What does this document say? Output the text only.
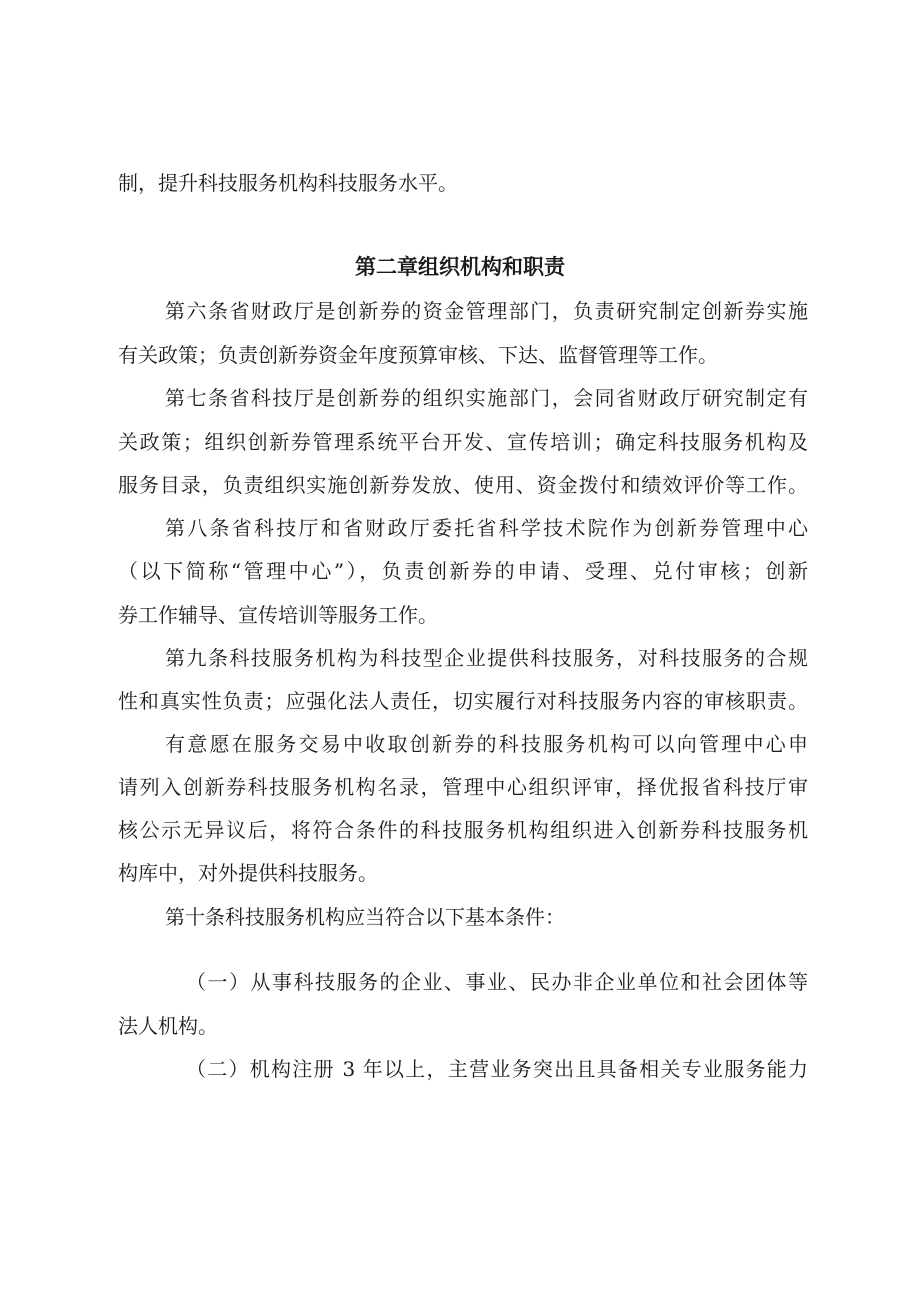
制，提升科技服务机构科技服务水平。
第二章组织机构和职责
第六条省财政厅是创新券的资金管理部门，负责研究制定创新券实施
有关政策；负责创新券资金年度预算审核、下达、监督管理等工作。
第七条省科技厅是创新券的组织实施部门，会同省财政厅研究制定有
关政策；组织创新券管理系统平台开发、宣传培训；确定科技服务机构及
服务目录，负责组织实施创新券发放、使用、资金拨付和绩效评价等工作。
第八条省科技厅和省财政厅委托省科学技术院作为创新券管理中心
（以下简称“管理中心”），负责创新券的申请、受理、兑付审核；创新
券工作辅导、宣传培训等服务工作。
第九条科技服务机构为科技型企业提供科技服务，对科技服务的合规
性和真实性负责；应强化法人责任，切实履行对科技服务内容的审核职责。
有意愿在服务交易中收取创新券的科技服务机构可以向管理中心申
请列入创新券科技服务机构名录，管理中心组织评审，择优报省科技厅审
核公示无异议后，将符合条件的科技服务机构组织进入创新券科技服务机
构库中，对外提供科技服务。
第十条科技服务机构应当符合以下基本条件：
（一）从事科技服务的企业、事业、民办非企业单位和社会团体等
法人机构。
（二）机构注册 3 年以上，主营业务突出且具备相关专业服务能力
